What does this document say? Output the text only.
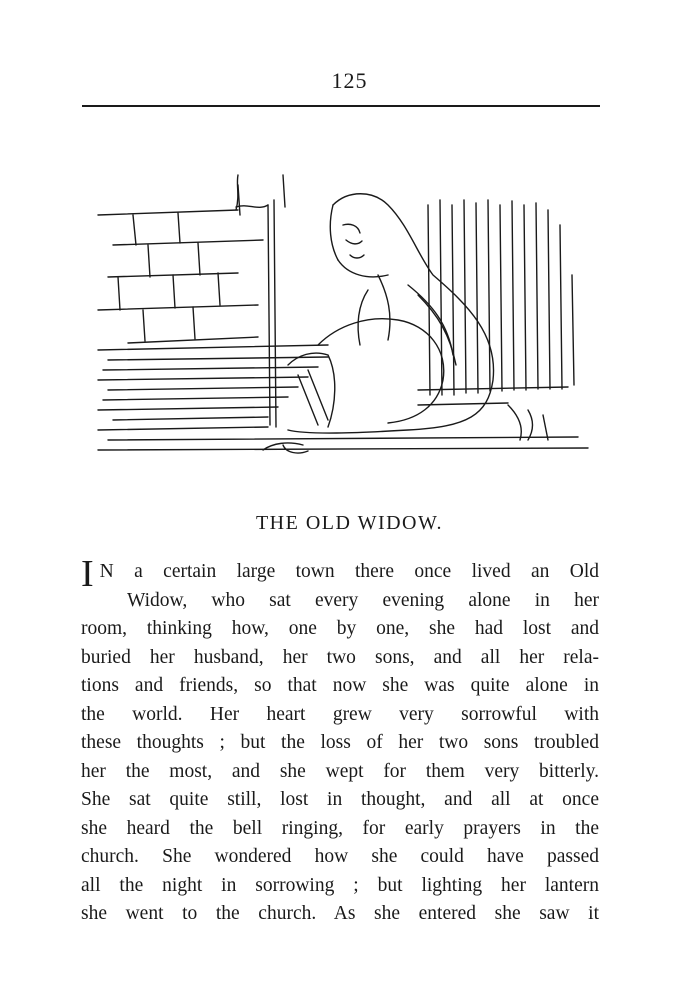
125
THE OLD WIDOW.
I N a certain large town there once lived an Old
Widow, who sat every evening alone in her
room, thinking how, one by one, she had lost and
buried her husband, her two sons, and all her rela-
tions and friends, so that now she was quite alone in
the world. Her heart grew very sorrowful with
these thoughts ; but the loss of her two sons troubled
her the most, and she wept for them very bitterly.
She sat quite still, lost in thought, and all at once
she heard the bell ringing, for early prayers in the
church. She wondered how she could have passed
all the night in sorrowing ; but lighting her lantern
she went to the church. As she entered she saw it
